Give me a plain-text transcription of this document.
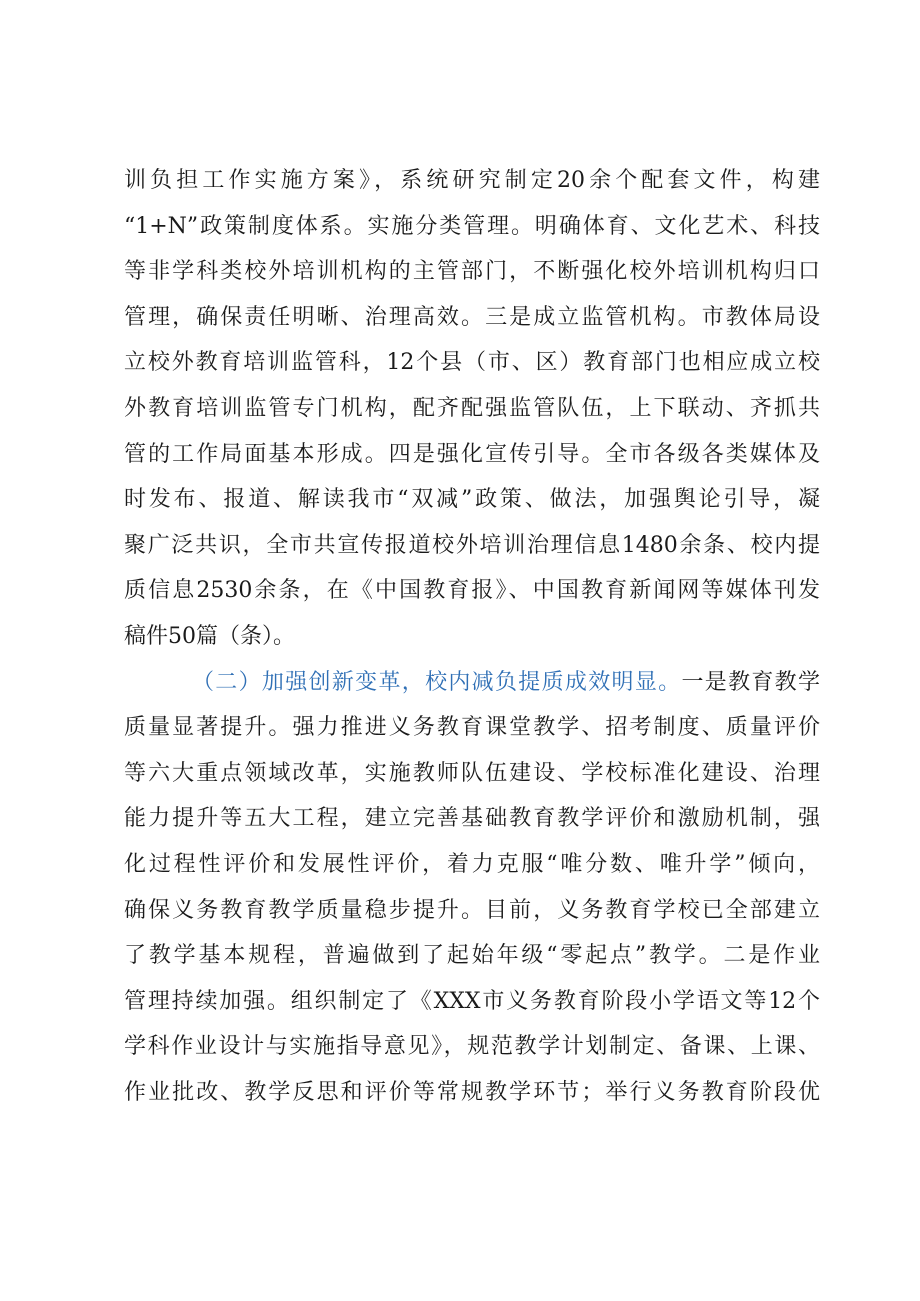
训负担工作实施方案》，系统研究制定20余个配套文件，构建
“1+N”政策制度体系。实施分类管理。明确体育、文化艺术、科技
等非学科类校外培训机构的主管部门，不断强化校外培训机构归口
管理，确保责任明晰、治理高效。三是成立监管机构。市教体局设
立校外教育培训监管科，12个县（市、区）教育部门也相应成立校
外教育培训监管专门机构，配齐配强监管队伍，上下联动、齐抓共
管的工作局面基本形成。四是强化宣传引导。全市各级各类媒体及
时发布、报道、解读我市“双减”政策、做法，加强舆论引导，凝
聚广泛共识，全市共宣传报道校外培训治理信息1480余条、校内提
质信息2530余条，在《中国教育报》、中国教育新闻网等媒体刊发
稿件50篇（条）。
（二）加强创新变革，校内减负提质成效明显。一是教育教学
质量显著提升。强力推进义务教育课堂教学、招考制度、质量评价
等六大重点领域改革，实施教师队伍建设、学校标准化建设、治理
能力提升等五大工程，建立完善基础教育教学评价和激励机制，强
化过程性评价和发展性评价，着力克服“唯分数、唯升学”倾向，
确保义务教育教学质量稳步提升。目前，义务教育学校已全部建立
了教学基本规程，普遍做到了起始年级“零起点”教学。二是作业
管理持续加强。组织制定了《XXX市义务教育阶段小学语文等12个
学科作业设计与实施指导意见》，规范教学计划制定、备课、上课、
作业批改、教学反思和评价等常规教学环节；举行义务教育阶段优
